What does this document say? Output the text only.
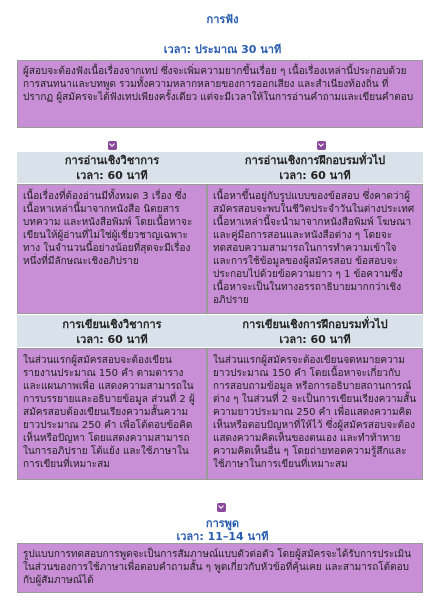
การฟัง
เวลา: ประมาณ 30 นาที
ผู้สอบจะต้องฟังเนื้อเรื่องจากเทป ซึ่งจะเพิ่มความยากขึ้นเรื่อย ๆ เนื้อเรื่องเหล่านี้ประกอบด้วยการสนทนาและบทพูด รวมทั้งความหลากหลายของการออกเสียง และสำเนียงท้องถิ่น ที่ปรากฏ ผู้สมัครจะได้ฟังเทปเพียงครั้งเดียว แต่จะมีเวลาให้ในการอ่านคำถามและเขียนคำตอบ
การอ่านเชิงวิชาการ
เวลา: 60 นาที
การอ่านเชิงการฝึกอบรมทั่วไป
เวลา: 60 นาที
เนื้อเรื่องที่ต้องอ่านมีทั้งหมด 3 เรื่อง ซึ่งเนื้อหาเหล่านี้มาจากหนังสือ นิตยสาร บทความ และหนังสือพิมพ์ โดยเนื้อหาจะเขียนให้ผู้อ่านที่ไม่ใช่ผู้เชี่ยวชาญเฉพาะทาง ในจำนวนนี้อย่างน้อยที่สุดจะมีเรื่องหนึ่งที่มีลักษณะเชิงอภิปราย
เนื้อหาขึ้นอยู่กับรูปแบบของข้อสอบ ซึ่งคาดว่าผู้สมัครสอบจะพบในชีวิตประจำวันในต่างประเทศ เนื้อหาเหล่านี้จะนำมาจากหนังสือพิมพ์ โฆษณา และคู่มือการสอนและหนังสือต่าง ๆ โดยจะทดสอบความสามารถในการทำความเข้าใจ และการใช้ข้อมูลของผู้สมัครสอบ ข้อสอบจะประกอบไปด้วยข้อความยาว ๆ 1 ข้อความซึ่งเนื้อหาจะเป็นในทางอรรถาธิบายมากกว่าเชิงอภิปราย
การเขียนเชิงวิชาการ
เวลา: 60 นาที
การเขียนเชิงการฝึกอบรมทั่วไป
เวลา: 60 นาที
ในส่วนแรกผู้สมัครสอบจะต้องเขียนรายงานประมาณ 150 คำ ตามตาราง และแผนภาพเพื่อ แสดงความสามารถในการบรรยายและอธิบายข้อมูล ส่วนที่ 2 ผู้สมัครสอบต้องเขียนเรียงความสั้นความยาวประมาณ 250 คำ เพื่อโต้ตอบข้อคิดเห็นหรือปัญหา โดยแสดงความสามารถในการอภิปราย โต้แย้ง และใช้ภาษาในการเขียนที่เหมาะสม
ในส่วนแรกผู้สมัครจะต้องเขียนจดหมายความยาวประมาณ 150 คำ โดยเนื้อหาจะเกี่ยวกับการสอบถามข้อมูล หรือการอธิบายสถานการณ์ต่าง ๆ ในส่วนที่ 2 จะเป็นการเขียนเรียงความสั้นความยาวประมาณ 250 คำ เพื่อแสดงความคิดเห็นหรือตอบปัญหาที่ให้ไว้ ซึ่งผู้สมัครสอบจะต้องแสดงความคิดเห็นของตนเอง และทำท้าทายความคิดเห็นอื่น ๆ โดยถ่ายทอดความรู้สึกและใช้ภาษาในการเขียนที่เหมาะสม
การพูด
เวลา: 11–14 นาที
รูปแบบการทดสอบการพูดจะเป็นการสัมภาษณ์แบบตัวต่อตัว โดยผู้สมัครจะได้รับการประเมินในส่วนของการใช้ภาษาเพื่อตอบคำถามสั้น ๆ พูดเกี่ยวกับหัวข้อที่คุ้นเคย และสามารถโต้ตอบกับผู้สัมภาษณ์ได้
